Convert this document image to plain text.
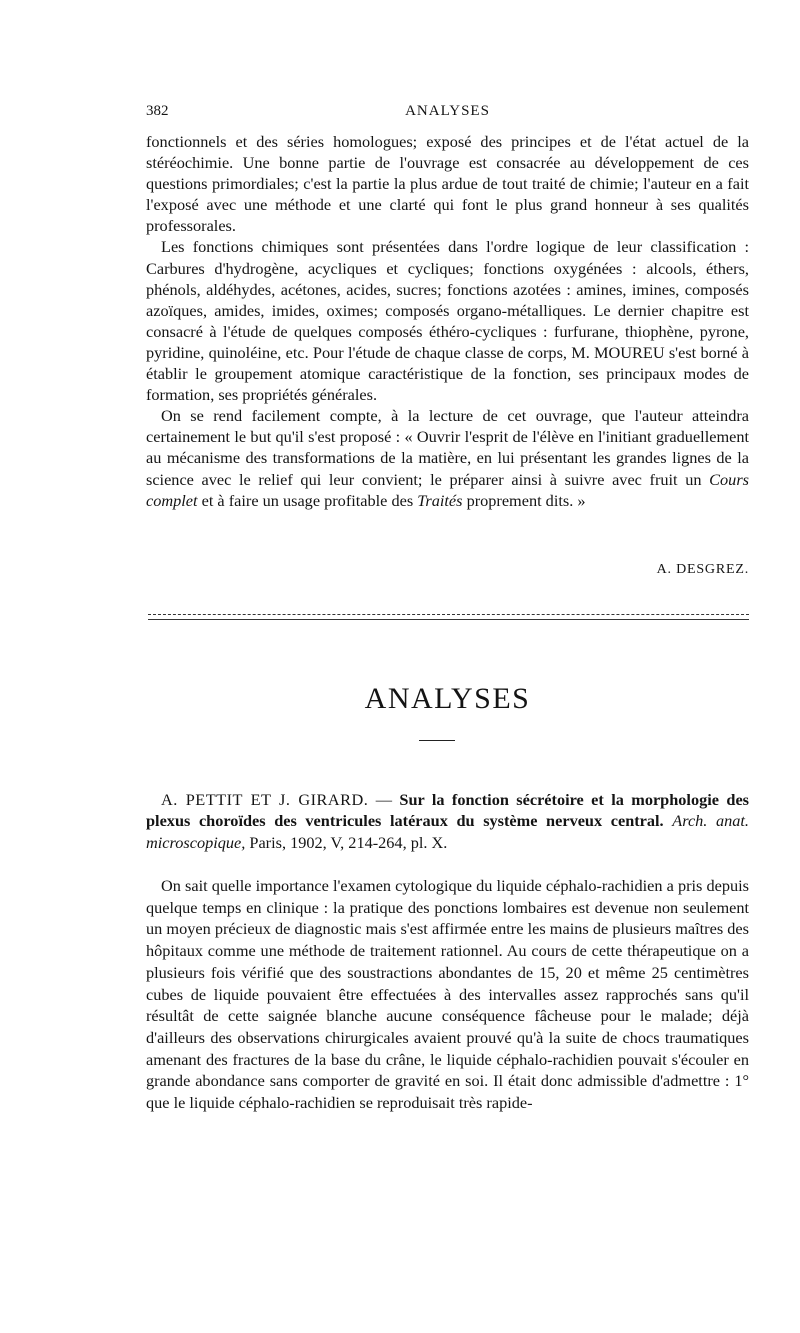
382	ANALYSES

fonctionnels et des séries homologues; exposé des principes et de l'état actuel de la stéréochimie. Une bonne partie de l'ouvrage est consacrée au développement de ces questions primordiales; c'est la partie la plus ardue de tout traité de chimie; l'auteur en a fait l'exposé avec une méthode et une clarté qui font le plus grand honneur à ses qualités professorales.

Les fonctions chimiques sont présentées dans l'ordre logique de leur classification : Carbures d'hydrogène, acycliques et cycliques; fonctions oxygénées : alcools, éthers, phénols, aldéhydes, acétones, acides, sucres; fonctions azotées : amines, imines, composés azoïques, amides, imides, oximes; composés organo-métalliques. Le dernier chapitre est consacré à l'étude de quelques composés éthéro-cycliques : furfurane, thiophène, pyrone, pyridine, quinoléine, etc. Pour l'étude de chaque classe de corps, M. MOUREU s'est borné à établir le groupement atomique caractéristique de la fonction, ses principaux modes de formation, ses propriétés générales.

On se rend facilement compte, à la lecture de cet ouvrage, que l'auteur atteindra certainement le but qu'il s'est proposé : « Ouvrir l'esprit de l'élève en l'initiant graduellement au mécanisme des transformations de la matière, en lui présentant les grandes lignes de la science avec le relief qui leur convient; le préparer ainsi à suivre avec fruit un Cours complet et à faire un usage profitable des Traités proprement dits. »

A. DESGREZ.
ANALYSES

A. PETTIT ET J. GIRARD. — Sur la fonction sécrétoire et la morphologie des plexus choroïdes des ventricules latéraux du système nerveux central. Arch. anat. microscopique, Paris, 1902, V, 214-264, pl. X.

On sait quelle importance l'examen cytologique du liquide céphalo-rachidien a pris depuis quelque temps en clinique : la pratique des ponctions lombaires est devenue non seulement un moyen précieux de diagnostic mais s'est affirmée entre les mains de plusieurs maîtres des hôpitaux comme une méthode de traitement rationnel. Au cours de cette thérapeutique on a plusieurs fois vérifié que des soustractions abondantes de 15, 20 et même 25 centimètres cubes de liquide pouvaient être effectuées à des intervalles assez rapprochés sans qu'il résultât de cette saignée blanche aucune conséquence fâcheuse pour le malade; déjà d'ailleurs des observations chirurgicales avaient prouvé qu'à la suite de chocs traumatiques amenant des fractures de la base du crâne, le liquide céphalo-rachidien pouvait s'écouler en grande abondance sans comporter de gravité en soi. Il était donc admissible d'admettre : 1° que le liquide céphalo-rachidien se reproduisait très rapide-
